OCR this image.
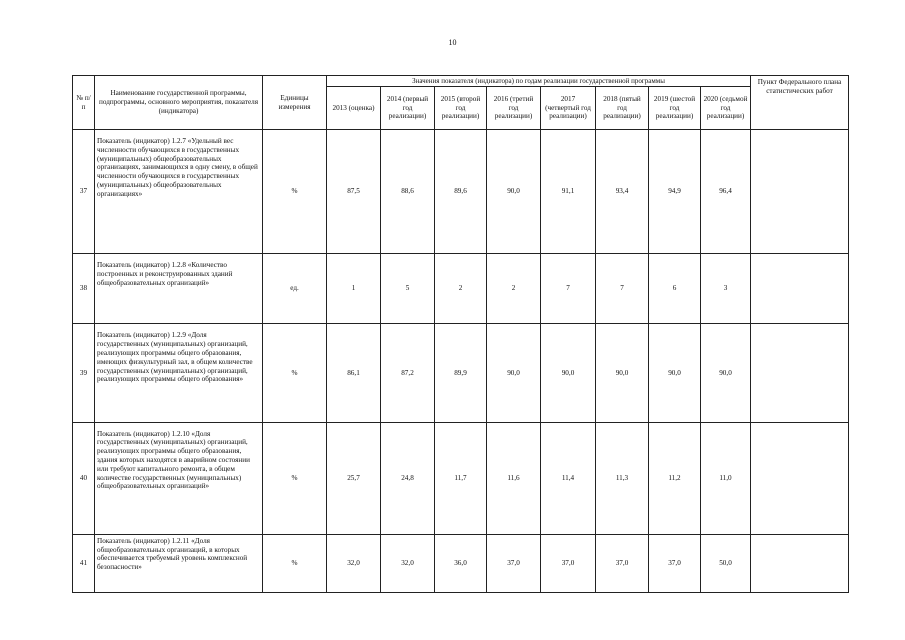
10
№ п/п	Наименование государственной программы, подпрограммы, основного мероприятия, показателя (индикатора)	Единицы измерения	Значения показателя (индикатора) по годам реализации государственной программы								Пункт Федерального плана статистических работ
			2013 (оценка)	2014 (первый год реализации)	2015 (второй год реализации)	2016 (третий год реализации)	2017 (четвертый год реализации)	2018 (пятый год реализации)	2019 (шестой год реализации)	2020 (седьмой год реализации)	
37	Показатель (индикатор) 1.2.7 «Удельный вес численности обучающихся в государственных (муниципальных) общеобразовательных организациях, занимающихся в одну смену, в общей численности обучающихся в государственных (муниципальных) общеобразовательных организациях»	%	87,5	88,6	89,6	90,0	91,1	93,4	94,9	96,4	
38	Показатель (индикатор) 1.2.8 «Количество построенных и реконструированных зданий общеобразовательных организаций»	ед.	1	5	2	2	7	7	6	3	
39	Показатель (индикатор) 1.2.9 «Доля государственных (муниципальных) организаций, реализующих программы общего образования, имеющих физкультурный зал, в общем количестве государственных (муниципальных) организаций, реализующих программы общего образования»	%	86,1	87,2	89,9	90,0	90,0	90,0	90,0	90,0	
40	Показатель (индикатор) 1.2.10 «Доля государственных (муниципальных) организаций, реализующих программы общего образования, здания которых находятся в аварийном состоянии или требуют капитального ремонта, в общем количестве государственных (муниципальных) общеобразовательных организаций»	%	25,7	24,8	11,7	11,6	11,4	11,3	11,2	11,0	
41	Показатель (индикатор) 1.2.11 «Доля общеобразовательных организаций, в которых обеспечивается требуемый уровень комплексной безопасности»	%	32,0	32,0	36,0	37,0	37,0	37,0	37,0	50,0	
